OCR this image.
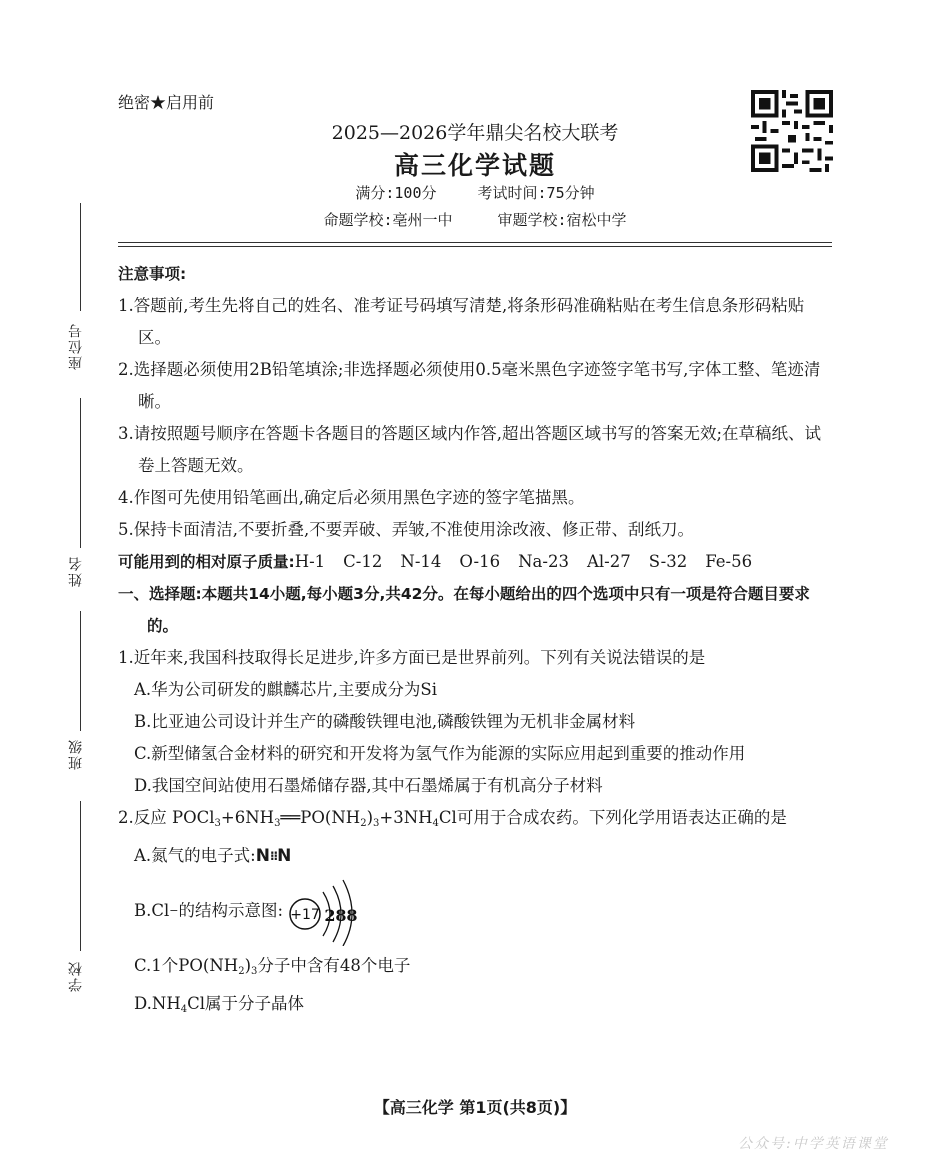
绝密★启用前
2025—2026学年鼎尖名校大联考
高三化学试题
满分:100分	考试时间:75分钟
命题学校:亳州一中	审题学校:宿松中学
座位号
姓名
班级
学校

注意事项:

1.答题前,考生先将自己的姓名、准考证号码填写清楚,将条形码准确粘贴在考生信息条形码粘贴区。

2.选择题必须使用2B铅笔填涂;非选择题必须使用0.5毫米黑色字迹签字笔书写,字体工整、笔迹清晰。

3.请按照题号顺序在答题卡各题目的答题区域内作答,超出答题区域书写的答案无效;在草稿纸、试卷上答题无效。

4.作图可先使用铅笔画出,确定后必须用黑色字迹的签字笔描黑。

5.保持卡面清洁,不要折叠,不要弄破、弄皱,不准使用涂改液、修正带、刮纸刀。

可能用到的相对原子质量:H-1 C-12 N-14 O-16 Na-23 Al-27 S-32 Fe-56

一、选择题:本题共14小题,每小题3分,共42分。在每小题给出的四个选项中只有一项是符合题目要求的。

1.近年来,我国科技取得长足进步,许多方面已是世界前列。下列有关说法错误的是

A.华为公司研发的麒麟芯片,主要成分为Si

B.比亚迪公司设计并生产的磷酸铁锂电池,磷酸铁锂为无机非金属材料

C.新型储氢合金材料的研究和开发将为氢气作为能源的实际应用起到重要的推动作用

D.我国空间站使用石墨烯储存器,其中石墨烯属于有机高分子材料

2.反应 $POCl_3+6NH_3══PO(NH_2)_3+3NH_4Cl$可用于合成农药。下列化学用语表达正确的是

A.氮气的电子式:N⁝⁝N

B.Cl − 的结构示意图: +17 2 8 8

C.1个$PO(NH_2)_3$分子中含有48个电子

$D.NH_4Cl$属于分子晶体

【高三化学 第1页(共8页)】
公众号:中学英语课堂
